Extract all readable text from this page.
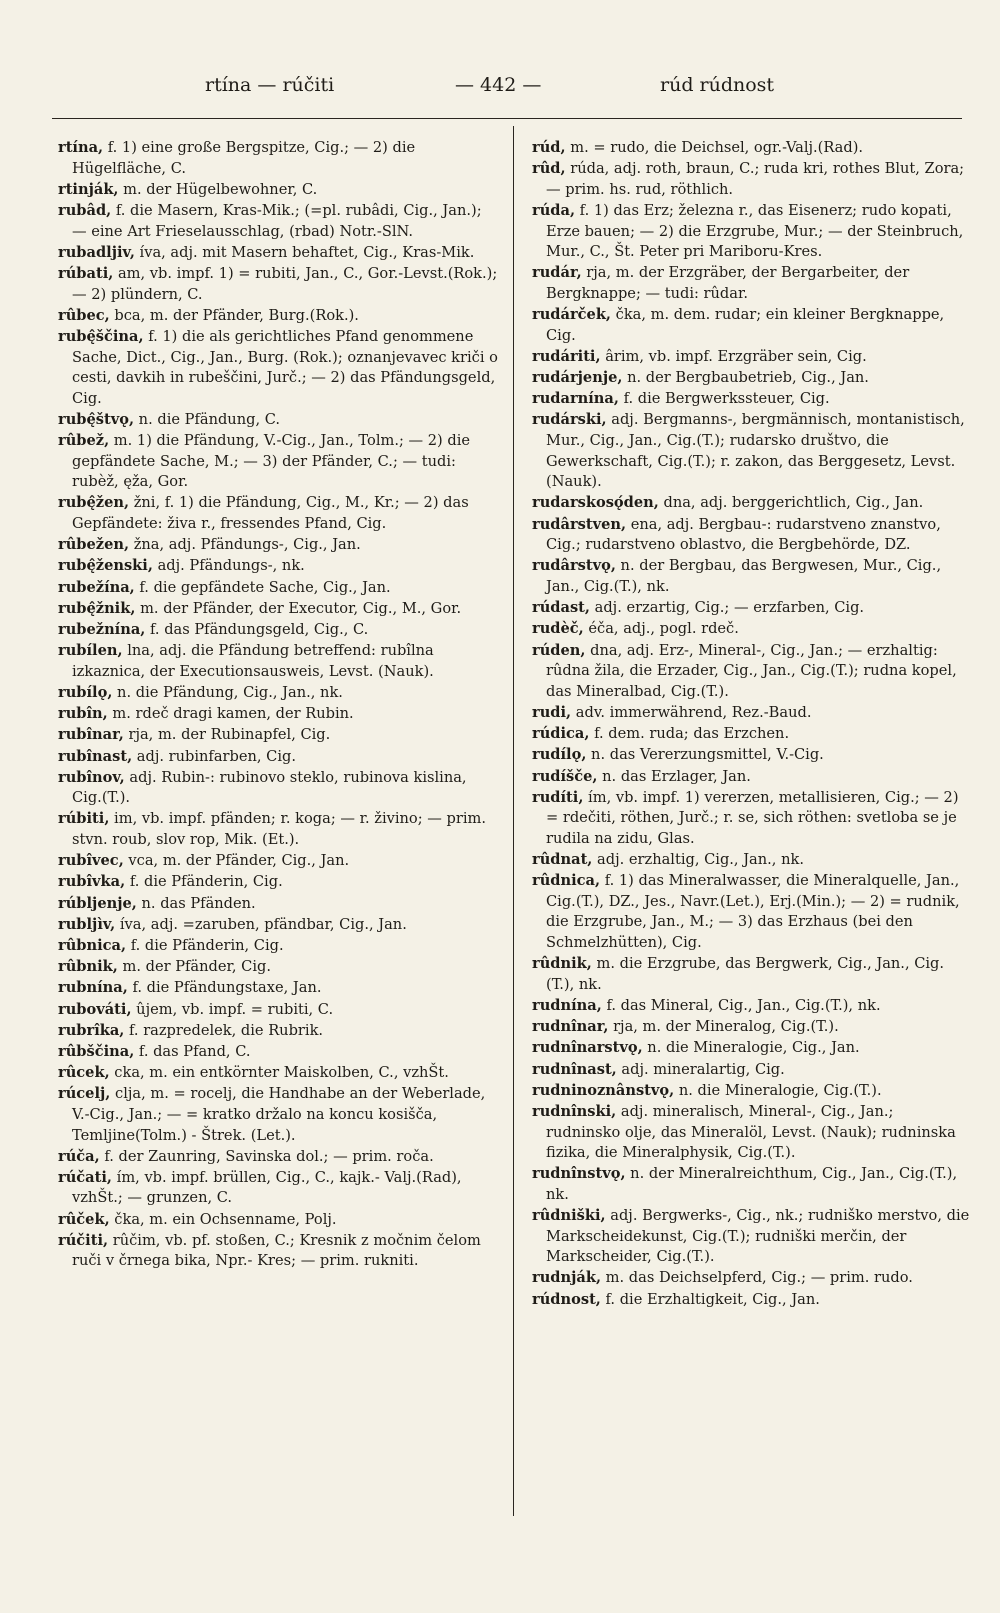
rtína — rúčiti	— 442 —	rúd rúdnost

rtína, f. 1) eine große Bergspitze, Cig.; — 2) die Hügelfläche, C.

rtinják, m. der Hügelbewohner, C.

rubâd, f. die Masern, Kras-Mik.; (=pl. rubâdi, Cig., Jan.); — eine Art Frieselausschlag, (rbad) Notr.-SlN.

rubadljiv, íva, adj. mit Masern behaftet, Cig., Kras-Mik.

rúbati, am, vb. impf. 1) = rubiti, Jan., C., Gor.-Levst.(Rok.); — 2) plündern, C.

rûbec, bca, m. der Pfänder, Burg.(Rok.).

rubę̂ščina, f. 1) die als gerichtliches Pfand genommene Sache, Dict., Cig., Jan., Burg. (Rok.); oznanjevavec kriči o cesti, davkih in rubeščini, Jurč.; — 2) das Pfändungsgeld, Cig.

rubę̂štvǫ, n. die Pfändung, C.

rûbež, m. 1) die Pfändung, V.-Cig., Jan., Tolm.; — 2) die gepfändete Sache, M.; — 3) der Pfänder, C.; — tudi: rubèž, ęža, Gor.

rubę̂žen, žni, f. 1) die Pfändung, Cig., M., Kr.; — 2) das Gepfändete: živa r., fressendes Pfand, Cig.

rûbežen, žna, adj. Pfändungs-, Cig., Jan.

rubę̂ženski, adj. Pfändungs-, nk.

rubežína, f. die gepfändete Sache, Cig., Jan.

rubę̂žnik, m. der Pfänder, der Executor, Cig., M., Gor.

rubežnína, f. das Pfändungsgeld, Cig., C.

rubílen, lna, adj. die Pfändung betreffend: rubîlna izkaznica, der Executionsausweis, Levst. (Nauk).

rubílǫ, n. die Pfändung, Cig., Jan., nk.

rubîn, m. rdeč dragi kamen, der Rubin.

rubînar, rja, m. der Rubinapfel, Cig.

rubînast, adj. rubinfarben, Cig.

rubînov, adj. Rubin-: rubinovo steklo, rubinova kislina, Cig.(T.).

rúbiti, im, vb. impf. pfänden; r. koga; — r. živino; — prim. stvn. roub, slov rop, Mik. (Et.).

rubîvec, vca, m. der Pfänder, Cig., Jan.

rubîvka, f. die Pfänderin, Cig.

rúbljenje, n. das Pfänden.

rubljìv, íva, adj. =zaruben, pfändbar, Cig., Jan.

rûbnica, f. die Pfänderin, Cig.

rûbnik, m. der Pfänder, Cig.

rubnína, f. die Pfändungstaxe, Jan.

rubováti, ûjem, vb. impf. = rubiti, C.

rubrîka, f. razpredelek, die Rubrik.

rûbščina, f. das Pfand, C.

rûcek, cka, m. ein entkörnter Maiskolben, C., vzhŠt.

rúcelj, clja, m. = rocelj, die Handhabe an der Weberlade, V.-Cig., Jan.; — = kratko držalo na koncu kosišča, Temljine(Tolm.) - Štrek. (Let.).

rúča, f. der Zaunring, Savinska dol.; — prim. roča.

rúčati, ím, vb. impf. brüllen, Cig., C., kajk.- Valj.(Rad), vzhŠt.; — grunzen, C.

rûček, čka, m. ein Ochsenname, Polj.

rúčiti, rûčim, vb. pf. stoßen, C.; Kresnik z močnim čelom ruči v črnega bika, Npr.- Kres; — prim. rukniti.

rúd, m. = rudo, die Deichsel, ogr.-Valj.(Rad).

rûd, rúda, adj. roth, braun, C.; ruda kri, rothes Blut, Zora; — prim. hs. rud, röthlich.

rúda, f. 1) das Erz; železna r., das Eisenerz; rudo kopati, Erze bauen; — 2) die Erzgrube, Mur.; — der Steinbruch, Mur., C., Št. Peter pri Mariboru-Kres.

rudár, rja, m. der Erzgräber, der Bergarbeiter, der Bergknappe; — tudi: rûdar.

rudárček, čka, m. dem. rudar; ein kleiner Bergknappe, Cig.

rudáriti, ârim, vb. impf. Erzgräber sein, Cig.

rudárjenje, n. der Bergbaubetrieb, Cig., Jan.

rudarnína, f. die Bergwerkssteuer, Cig.

rudárski, adj. Bergmanns-, bergmännisch, montanistisch, Mur., Cig., Jan., Cig.(T.); rudarsko društvo, die Gewerkschaft, Cig.(T.); r. zakon, das Berggesetz, Levst.(Nauk).

rudarskosǫ́den, dna, adj. berggerichtlich, Cig., Jan.

rudârstven, ena, adj. Bergbau-: rudarstveno znanstvo, Cig.; rudarstveno oblastvo, die Bergbehörde, DZ.

rudârstvǫ, n. der Bergbau, das Bergwesen, Mur., Cig., Jan., Cig.(T.), nk.

rúdast, adj. erzartig, Cig.; — erzfarben, Cig.

rudèč, éča, adj., pogl. rdeč.

rúden, dna, adj. Erz-, Mineral-, Cig., Jan.; — erzhaltig: rûdna žila, die Erzader, Cig., Jan., Cig.(T.); rudna kopel, das Mineralbad, Cig.(T.).

rudi, adv. immerwährend, Rez.-Baud.

rúdica, f. dem. ruda; das Erzchen.

rudílǫ, n. das Vererzungsmittel, V.-Cig.

rudíšče, n. das Erzlager, Jan.

rudíti, ím, vb. impf. 1) vererzen, metallisieren, Cig.; — 2) = rdečiti, röthen, Jurč.; r. se, sich röthen: svetloba se je rudila na zidu, Glas.

rûdnat, adj. erzhaltig, Cig., Jan., nk.

rûdnica, f. 1) das Mineralwasser, die Mineralquelle, Jan., Cig.(T.), DZ., Jes., Navr.(Let.), Erj.(Min.); — 2) = rudnik, die Erzgrube, Jan., M.; — 3) das Erzhaus (bei den Schmelzhütten), Cig.

rûdnik, m. die Erzgrube, das Bergwerk, Cig., Jan., Cig.(T.), nk.

rudnína, f. das Mineral, Cig., Jan., Cig.(T.), nk.

rudnînar, rja, m. der Mineralog, Cig.(T.).

rudnînarstvǫ, n. die Mineralogie, Cig., Jan.

rudnînast, adj. mineralartig, Cig.

rudninoznânstvǫ, n. die Mineralogie, Cig.(T.).

rudnînski, adj. mineralisch, Mineral-, Cig., Jan.; rudninsko olje, das Mineralöl, Levst. (Nauk); rudninska fizika, die Mineralphysik, Cig.(T.).

rudnînstvǫ, n. der Mineralreichthum, Cig., Jan., Cig.(T.), nk.

rûdniški, adj. Bergwerks-, Cig., nk.; rudniško merstvo, die Markscheidekunst, Cig.(T.); rudniški merčin, der Markscheider, Cig.(T.).

rudnják, m. das Deichselpferd, Cig.; — prim. rudo.

rúdnost, f. die Erzhaltigkeit, Cig., Jan.
